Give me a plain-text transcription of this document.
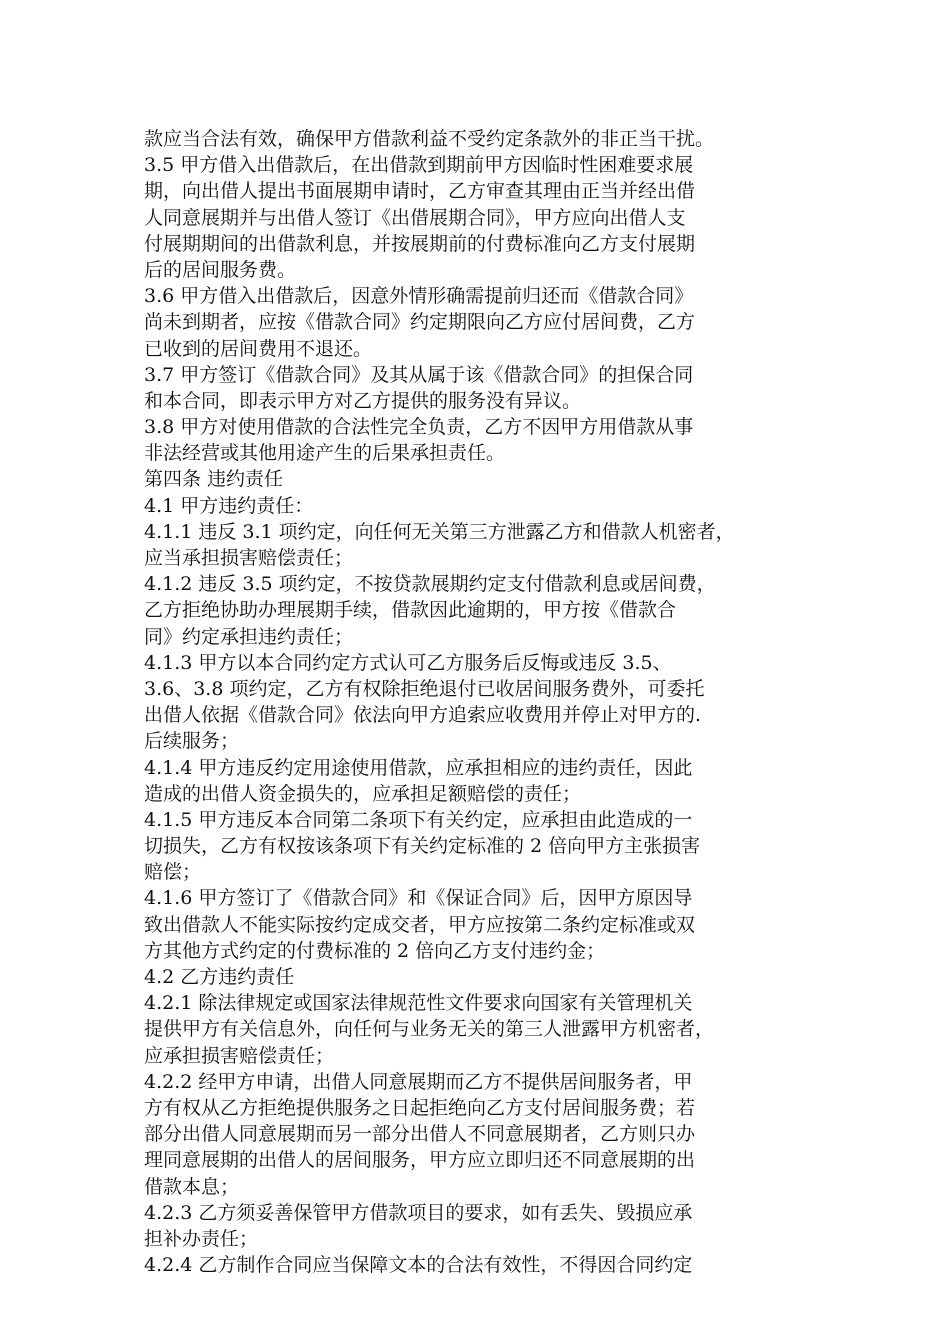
款应当合法有效，确保甲方借款利益不受约定条款外的非正当干扰。
3.5 甲方借入出借款后，在出借款到期前甲方因临时性困难要求展
期，向出借人提出书面展期申请时，乙方审查其理由正当并经出借
人同意展期并与出借人签订《出借展期合同》，甲方应向出借人支
付展期期间的出借款利息，并按展期前的付费标准向乙方支付展期
后的居间服务费。
3.6 甲方借入出借款后，因意外情形确需提前归还而《借款合同》
尚未到期者，应按《借款合同》约定期限向乙方应付居间费，乙方
已收到的居间费用不退还。
3.7 甲方签订《借款合同》及其从属于该《借款合同》的担保合同
和本合同，即表示甲方对乙方提供的服务没有异议。
3.8 甲方对使用借款的合法性完全负责，乙方不因甲方用借款从事
非法经营或其他用途产生的后果承担责任。
第四条 违约责任
4.1 甲方违约责任：
4.1.1 违反 3.1 项约定，向任何无关第三方泄露乙方和借款人机密者，
应当承担损害赔偿责任；
4.1.2 违反 3.5 项约定，不按贷款展期约定支付借款利息或居间费，
乙方拒绝协助办理展期手续，借款因此逾期的，甲方按《借款合
同》约定承担违约责任；
4.1.3 甲方以本合同约定方式认可乙方服务后反悔或违反 3.5、
3.6、3.8 项约定，乙方有权除拒绝退付已收居间服务费外，可委托
出借人依据《借款合同》依法向甲方追索应收费用并停止对甲方的.
后续服务；
4.1.4 甲方违反约定用途使用借款，应承担相应的违约责任，因此
造成的出借人资金损失的，应承担足额赔偿的责任；
4.1.5 甲方违反本合同第二条项下有关约定，应承担由此造成的一
切损失，乙方有权按该条项下有关约定标准的 2 倍向甲方主张损害
赔偿；
4.1.6 甲方签订了《借款合同》和《保证合同》后，因甲方原因导
致出借款人不能实际按约定成交者，甲方应按第二条约定标准或双
方其他方式约定的付费标准的 2 倍向乙方支付违约金；
4.2 乙方违约责任
4.2.1 除法律规定或国家法律规范性文件要求向国家有关管理机关
提供甲方有关信息外，向任何与业务无关的第三人泄露甲方机密者，
应承担损害赔偿责任；
4.2.2 经甲方申请，出借人同意展期而乙方不提供居间服务者，甲
方有权从乙方拒绝提供服务之日起拒绝向乙方支付居间服务费；若
部分出借人同意展期而另一部分出借人不同意展期者，乙方则只办
理同意展期的出借人的居间服务，甲方应立即归还不同意展期的出
借款本息；
4.2.3 乙方须妥善保管甲方借款项目的要求，如有丢失、毁损应承
担补办责任；
4.2.4 乙方制作合同应当保障文本的合法有效性，不得因合同约定
